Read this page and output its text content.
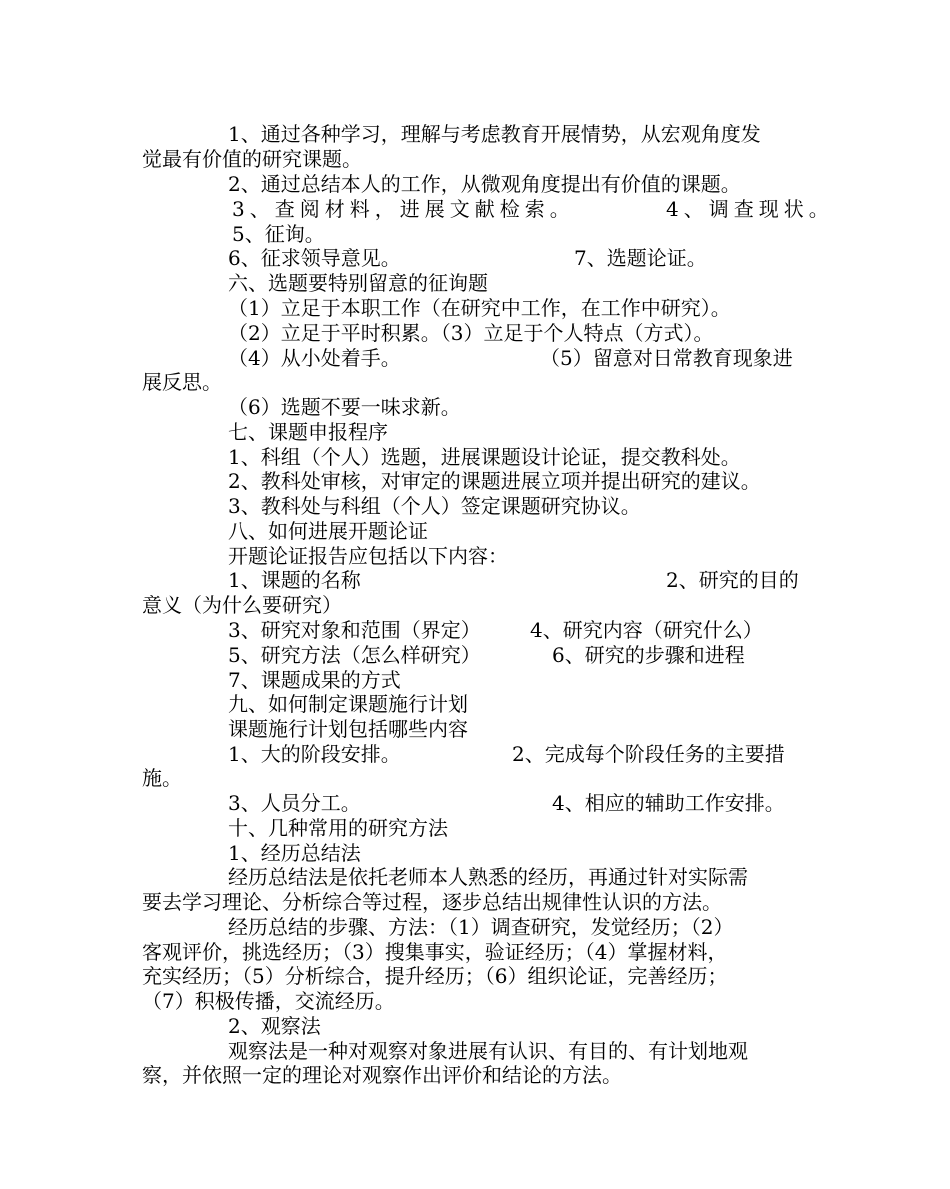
1、通过各种学习，理解与考虑教育开展情势，从宏观角度发
觉最有价值的研究课题。
2、通过总结本人的工作，从微观角度提出有价值的课题。
3、查阅材料，进展文献检索。	4、调查现状。
5、征询。
6、征求领导意见。	7、选题论证。
六、选题要特别留意的征询题
（1）立足于本职工作（在研究中工作，在工作中研究）。
（2）立足于平时积累。（3）立足于个人特点（方式）。
（4）从小处着手。	（5）留意对日常教育现象进
展反思。
（6）选题不要一味求新。
七、课题申报程序
1、科组（个人）选题，进展课题设计论证，提交教科处。
2、教科处审核，对审定的课题进展立项并提出研究的建议。
3、教科处与科组（个人）签定课题研究协议。
八、如何进展开题论证
开题论证报告应包括以下内容：
1、课题的名称	2、研究的目的
意义（为什么要研究）
3、研究对象和范围（界定） 4、研究内容（研究什么）
5、研究方法（怎么样研究）	6、研究的步骤和进程
7、课题成果的方式
九、如何制定课题施行计划
课题施行计划包括哪些内容
1、大的阶段安排。	2、完成每个阶段任务的主要措
施。
3、人员分工。	4、相应的辅助工作安排。
十、几种常用的研究方法
1、经历总结法
经历总结法是依托老师本人熟悉的经历，再通过针对实际需
要去学习理论、分析综合等过程，逐步总结出规律性认识的方法。
经历总结的步骤、方法：（1）调查研究，发觉经历；（2）
客观评价，挑选经历；（3）搜集事实，验证经历；（4）掌握材料，
充实经历；（5）分析综合，提升经历；（6）组织论证，完善经历；
（7）积极传播，交流经历。
2、观察法
观察法是一种对观察对象进展有认识、有目的、有计划地观
察，并依照一定的理论对观察作出评价和结论的方法。
